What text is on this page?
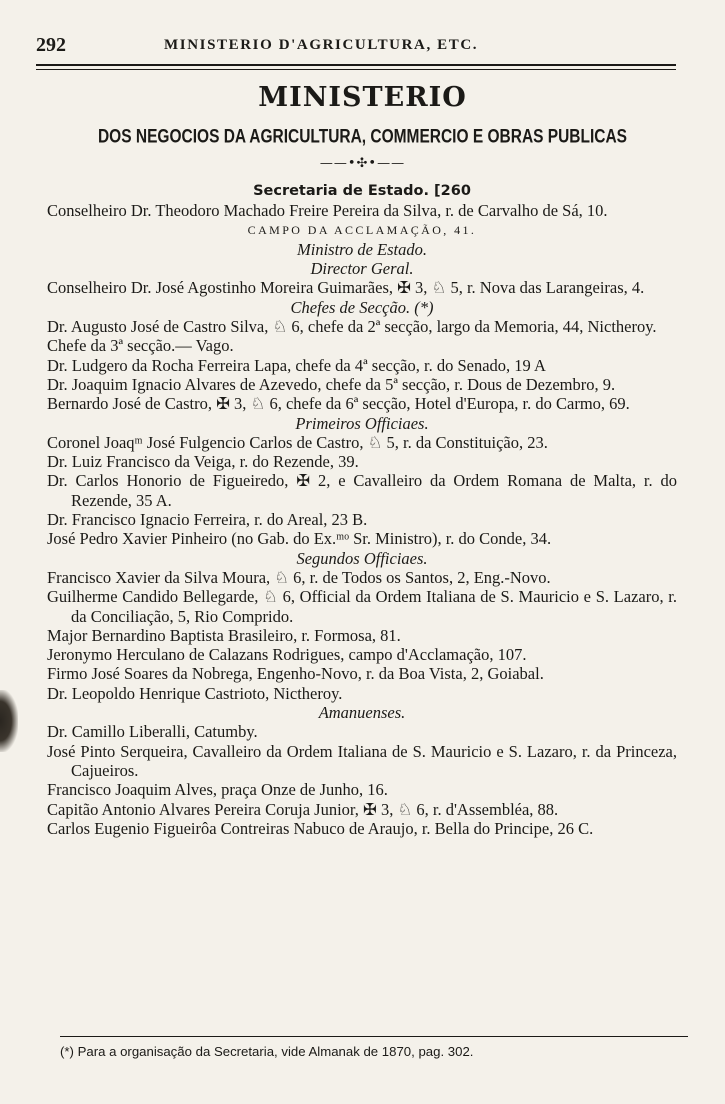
292	MINISTERIO D'AGRICULTURA, ETC.
MINISTERIO
DOS NEGOCIOS DA AGRICULTURA, COMMERCIO E OBRAS PUBLICAS
——•✣•——

Secretaria de Estado. [260

Conselheiro Dr. Theodoro Machado Freire Pereira da Silva, r. de Carvalho de Sá, 10.

CAMPO DA ACCLAMAÇÃO, 41.

Ministro de Estado.

Director Geral.

Conselheiro Dr. José Agostinho Moreira Guimarães, ✠ 3, ♘ 5, r. Nova das Larangeiras, 4.

Chefes de Secção. (*)

Dr. Augusto José de Castro Silva, ♘ 6, chefe da 2ª secção, largo da Memoria, 44, Nictheroy.

Chefe da 3ª secção.— Vago.

Dr. Ludgero da Rocha Ferreira Lapa, chefe da 4ª secção, r. do Senado, 19 A

Dr. Joaquim Ignacio Alvares de Azevedo, chefe da 5ª secção, r. Dous de Dezembro, 9.

Bernardo José de Castro, ✠ 3, ♘ 6, chefe da 6ª secção, Hotel d'Europa, r. do Carmo, 69.

Primeiros Officiaes.

Coronel Joaqᵐ José Fulgencio Carlos de Castro, ♘ 5, r. da Constituição, 23.

Dr. Luiz Francisco da Veiga, r. do Rezende, 39.

Dr. Carlos Honorio de Figueiredo, ✠ 2, e Cavalleiro da Ordem Romana de Malta, r. do Rezende, 35 A.

Dr. Francisco Ignacio Ferreira, r. do Areal, 23 B.

José Pedro Xavier Pinheiro (no Gab. do Ex.ᵐᵒ Sr. Ministro), r. do Conde, 34.

Segundos Officiaes.

Francisco Xavier da Silva Moura, ♘ 6, r. de Todos os Santos, 2, Eng.-Novo.

Guilherme Candido Bellegarde, ♘ 6, Official da Ordem Italiana de S. Mauricio e S. Lazaro, r. da Conciliação, 5, Rio Comprido.

Major Bernardino Baptista Brasileiro, r. Formosa, 81.

Jeronymo Herculano de Calazans Rodrigues, campo d'Acclamação, 107.

Firmo José Soares da Nobrega, Engenho-Novo, r. da Boa Vista, 2, Goiabal.

Dr. Leopoldo Henrique Castrioto, Nictheroy.

Amanuenses.

Dr. Camillo Liberalli, Catumby.

José Pinto Serqueira, Cavalleiro da Ordem Italiana de S. Mauricio e S. Lazaro, r. da Princeza, Cajueiros.

Francisco Joaquim Alves, praça Onze de Junho, 16.

Capitão Antonio Alvares Pereira Coruja Junior, ✠ 3, ♘ 6, r. d'Assembléa, 88.

Carlos Eugenio Figueirôa Contreiras Nabuco de Araujo, r. Bella do Principe, 26 C.

(*) Para a organisação da Secretaria, vide Almanak de 1870, pag. 302.
